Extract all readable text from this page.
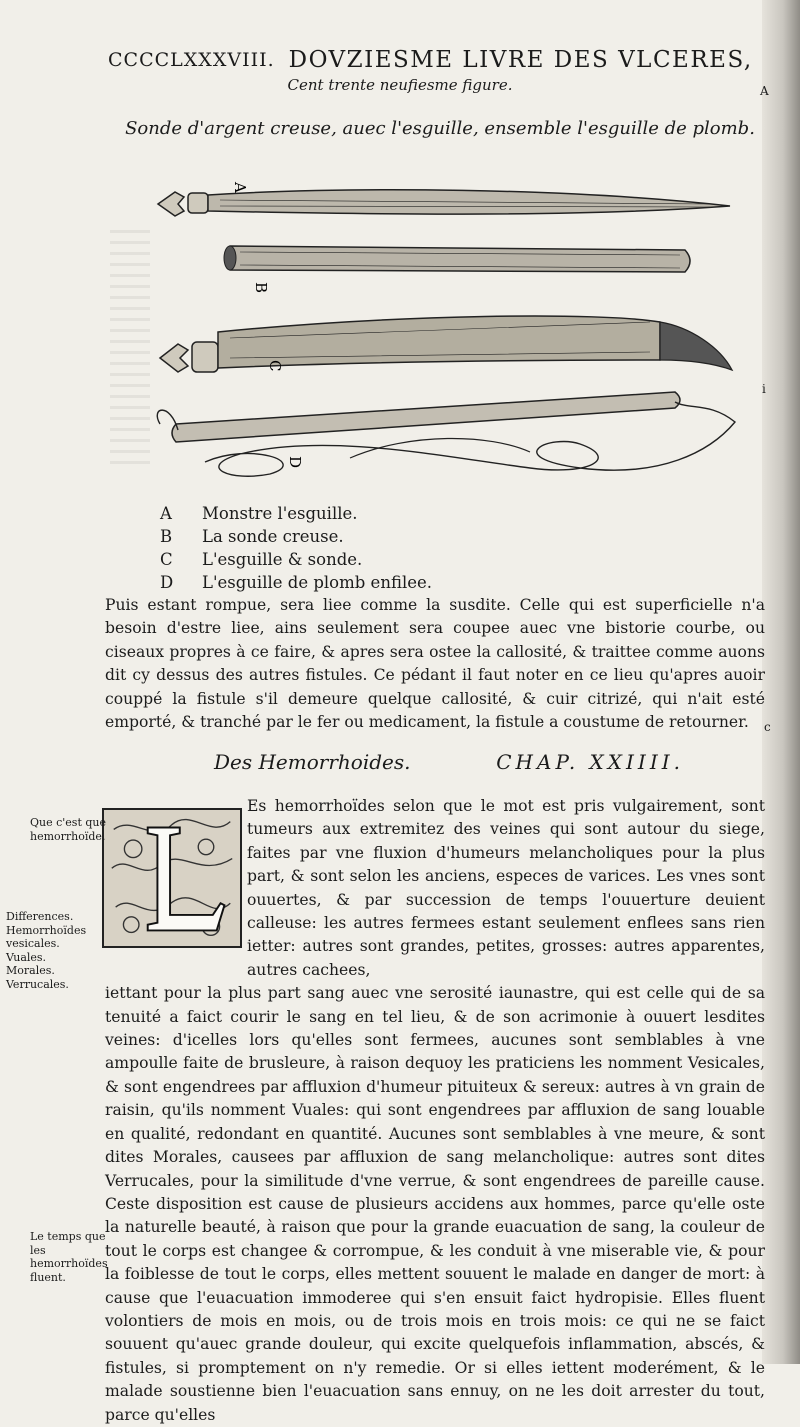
CCCCLXXXVIII. DOVZIESME LIVRE DES VLCERES,
Cent trente neufiesme figure.
Sonde d'argent creuse, auec l'esguille, ensemble l'esguille de plomb.
A
B
C
D
A	Monstre l'esguille.
B	La sonde creuse.
C	L'esguille & sonde.
D	L'esguille de plomb enfilee.

Puis estant rompue, sera liee comme la susdite. Celle qui est superficielle n'a besoin d'estre liee, ains seulement sera coupee auec vne bistorie courbe, ou ciseaux propres à ce faire, & apres sera ostee la callosité, & traittee comme auons dit cy dessus des autres fistules. Ce pédant il faut noter en ce lieu qu'apres auoir couppé la fistule s'il demeure quelque callosité, & cuir citrizé, qui n'ait esté emporté, & tranché par le fer ou medicament, la fistule a coustume de retourner.

Des Hemorrhoides.	CHAP. XXIIII.

Es hemorrhoïdes selon que le mot est pris vulgairement, sont tumeurs aux extremitez des veines qui sont autour du siege, faites par vne fluxion d'humeurs melancholiques pour la plus part, & sont selon les anciens, especes de varices. Les vnes sont ouuertes, & par succession de temps l'ouuerture deuient calleuse: les autres fermees estant seulement enflees sans rien ietter: autres sont grandes, petites, grosses: autres apparentes, autres cachees,

iettant pour la plus part sang auec vne serosité iaunastre, qui est celle qui de sa tenuité a faict courir le sang en tel lieu, & de son acrimonie à ouuert lesdites veines: d'icelles lors qu'elles sont fermees, aucunes sont semblables à vne ampoulle faite de brusleure, à raison dequoy les praticiens les nomment Vesicales, & sont engendrees par affluxion d'humeur pituiteux & sereux: autres à vn grain de raisin, qu'ils nomment Vuales: qui sont engendrees par affluxion de sang louable en qualité, redondant en quantité. Aucunes sont semblables à vne meure, & sont dites Morales, causees par affluxion de sang melancholique: autres sont dites Verrucales, pour la similitude d'vne verrue, & sont engendrees de pareille cause. Ceste disposition est cause de plusieurs accidens aux hommes, parce qu'elle oste la naturelle beauté, à raison que pour la grande euacuation de sang, la couleur de tout le corps est changee & corrompue, & les conduit à vne miserable vie, & pour la foiblesse de tout le corps, elles mettent souuent le malade en danger de mort: à cause que l'euacuation immoderee qui s'en ensuit faict hydropisie. Elles fluent volontiers de mois en mois, ou de trois mois en trois mois: ce qui ne se faict souuent qu'auec grande douleur, qui excite quelquefois inflammation, abscés, & fistules, si promptement on n'y remedie. Or si elles iettent moderément, & le malade soustienne bien l'euacuation sans ennuy, on ne les doit arrester du tout, parce qu'elles

Que c'est que hemorrhoïde.
Differences. Hemorrhoïdes vesicales. Vuales. Morales. Verrucales.
Le temps que les hemorrhoïdes fluent.
A
i
c
